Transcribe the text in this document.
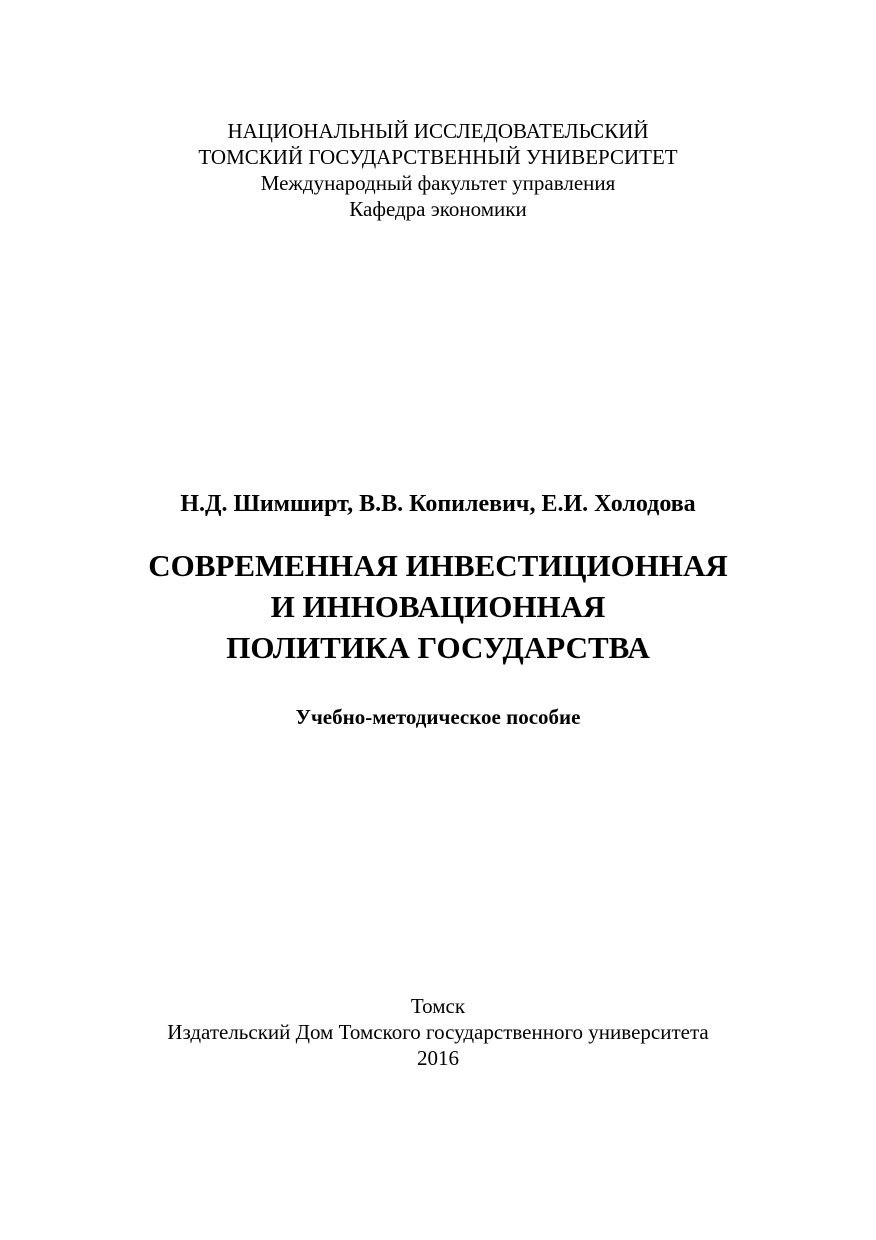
НАЦИОНАЛЬНЫЙ ИССЛЕДОВАТЕЛЬСКИЙ
ТОМСКИЙ ГОСУДАРСТВЕННЫЙ УНИВЕРСИТЕТ
Международный факультет управления
Кафедра экономики
Н.Д. Шимширт, В.В. Копилевич, Е.И. Холодова
СОВРЕМЕННАЯ ИНВЕСТИЦИОННАЯ
И ИННОВАЦИОННАЯ
ПОЛИТИКА ГОСУДАРСТВА
Учебно-методическое пособие
Томск
Издательский Дом Томского государственного университета
2016
